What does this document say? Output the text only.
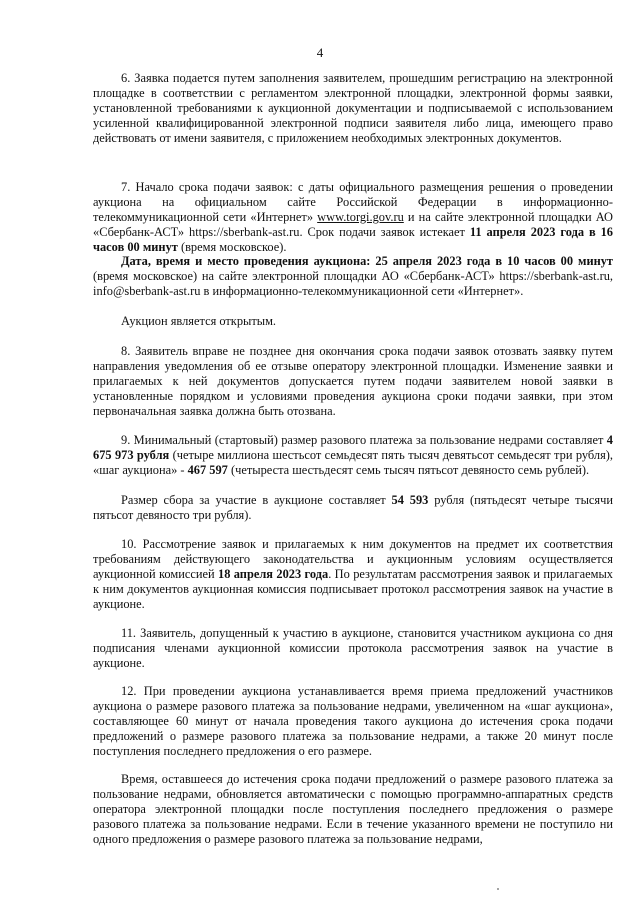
4
6. Заявка подается путем заполнения заявителем, прошедшим регистрацию на электронной площадке в соответствии с регламентом электронной площадки, электронной формы заявки, установленной требованиями к аукционной документации и подписываемой с использованием усиленной квалифицированной электронной подписи заявителя либо лица, имеющего право действовать от имени заявителя, с приложением необходимых электронных документов.
7. Начало срока подачи заявок: с даты официального размещения решения о проведении аукциона на официальном сайте Российской Федерации в информационно-телекоммуникационной сети «Интернет» www.torgi.gov.ru и на сайте электронной площадки АО «Сбербанк-АСТ» https://sberbank-ast.ru. Срок подачи заявок истекает 11 апреля 2023 года в 16 часов 00 минут (время московское).
Дата, время и место проведения аукциона: 25 апреля 2023 года в 10 часов 00 минут (время московское) на сайте электронной площадки АО «Сбербанк-АСТ» https://sberbank-ast.ru, info@sberbank-ast.ru в информационно-телекоммуникационной сети «Интернет».
Аукцион является открытым.
8. Заявитель вправе не позднее дня окончания срока подачи заявок отозвать заявку путем направления уведомления об ее отзыве оператору электронной площадки. Изменение заявки и прилагаемых к ней документов допускается путем подачи заявителем новой заявки в установленные порядком и условиями проведения аукциона сроки подачи заявки, при этом первоначальная заявка должна быть отозвана.
9. Минимальный (стартовый) размер разового платежа за пользование недрами составляет 4 675 973 рубля (четыре миллиона шестьсот семьдесят пять тысяч девятьсот семьдесят три рубля), «шаг аукциона» - 467 597 (четыреста шестьдесят семь тысяч пятьсот девяносто семь рублей).
Размер сбора за участие в аукционе составляет 54 593 рубля (пятьдесят четыре тысячи пятьсот девяносто три рубля).
10. Рассмотрение заявок и прилагаемых к ним документов на предмет их соответствия требованиям действующего законодательства и аукционным условиям осуществляется аукционной комиссией 18 апреля 2023 года. По результатам рассмотрения заявок и прилагаемых к ним документов аукционная комиссия подписывает протокол рассмотрения заявок на участие в аукционе.
11. Заявитель, допущенный к участию в аукционе, становится участником аукциона со дня подписания членами аукционной комиссии протокола рассмотрения заявок на участие в аукционе.
12. При проведении аукциона устанавливается время приема предложений участников аукциона о размере разового платежа за пользование недрами, увеличенном на «шаг аукциона», составляющее 60 минут от начала проведения такого аукциона до истечения срока подачи предложений о размере разового платежа за пользование недрами, а также 20 минут после поступления последнего предложения о его размере.
Время, оставшееся до истечения срока подачи предложений о размере разового платежа за пользование недрами, обновляется автоматически с помощью программно-аппаратных средств оператора электронной площадки после поступления последнего предложения о размере разового платежа за пользование недрами. Если в течение указанного времени не поступило ни одного предложения о размере разового платежа за пользование недрами,
